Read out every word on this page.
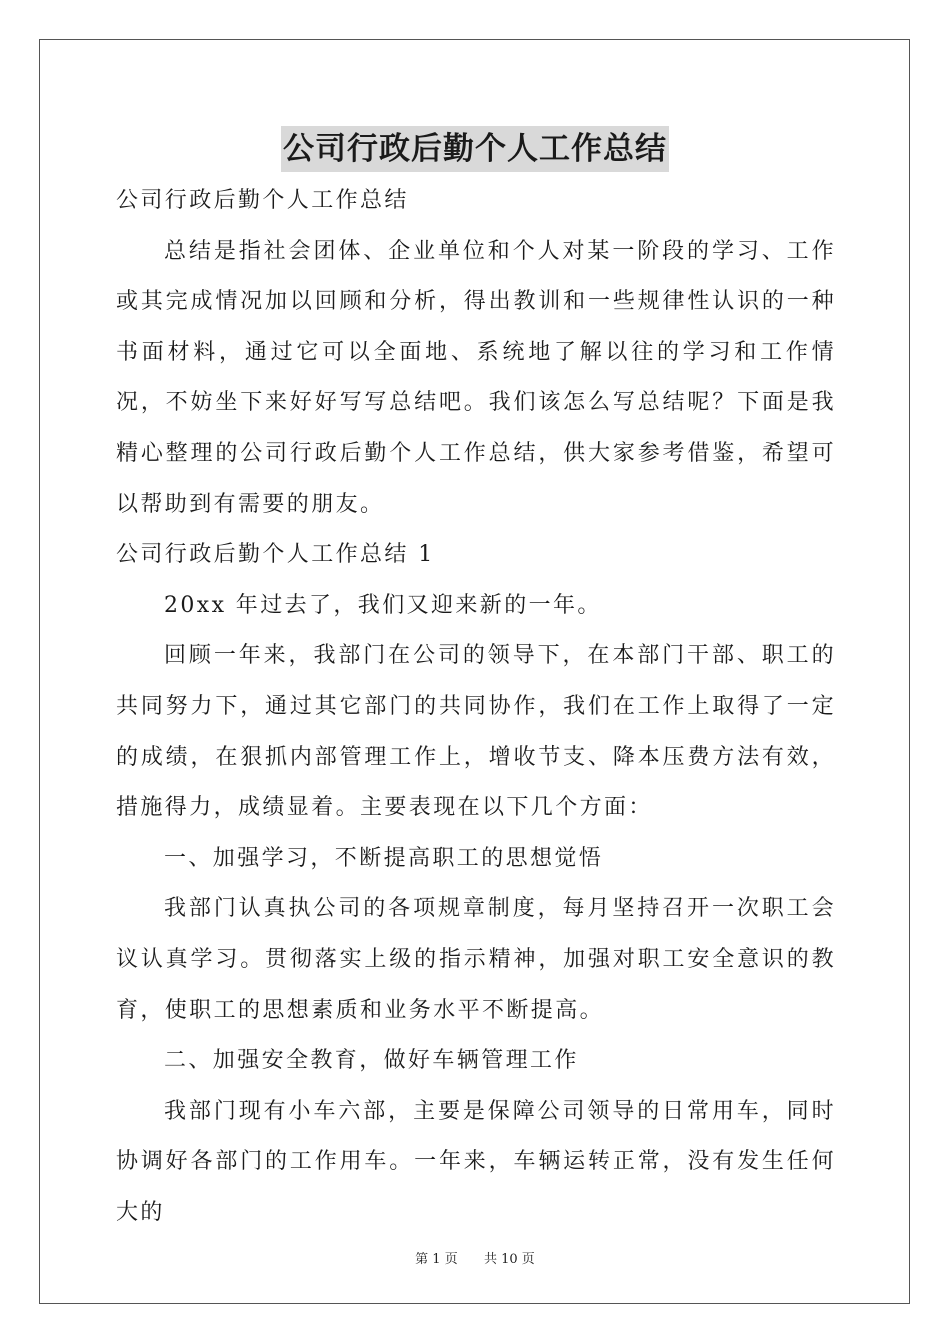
公司行政后勤个人工作总结

公司行政后勤个人工作总结

总结是指社会团体、企业单位和个人对某一阶段的学习、工作或其完成情况加以回顾和分析，得出教训和一些规律性认识的一种书面材料，通过它可以全面地、系统地了解以往的学习和工作情况，不妨坐下来好好写写总结吧。我们该怎么写总结呢？下面是我精心整理的公司行政后勤个人工作总结，供大家参考借鉴，希望可以帮助到有需要的朋友。

公司行政后勤个人工作总结 1

20xx 年过去了，我们又迎来新的一年。

回顾一年来，我部门在公司的领导下，在本部门干部、职工的共同努力下，通过其它部门的共同协作，我们在工作上取得了一定的成绩，在狠抓内部管理工作上，增收节支、降本压费方法有效，措施得力，成绩显着。主要表现在以下几个方面：

一、加强学习，不断提高职工的思想觉悟

我部门认真执公司的各项规章制度，每月坚持召开一次职工会议认真学习。贯彻落实上级的指示精神，加强对职工安全意识的教育，使职工的思想素质和业务水平不断提高。

二、加强安全教育，做好车辆管理工作

我部门现有小车六部，主要是保障公司领导的日常用车，同时协调好各部门的工作用车。一年来，车辆运转正常，没有发生任何大的

第 1 页 共 10 页
